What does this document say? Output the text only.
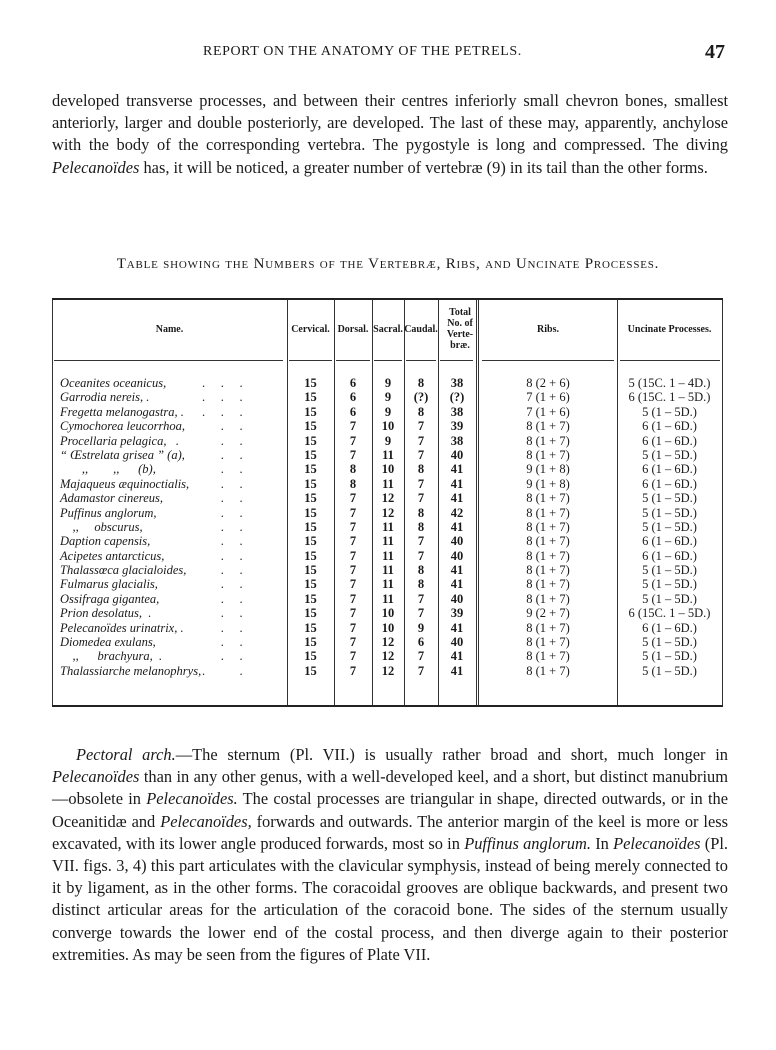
REPORT ON THE ANATOMY OF THE PETRELS.	47

developed transverse processes, and between their centres inferiorly small chevron bones, smallest anteriorly, larger and double posteriorly, are developed. The last of these may, apparently, anchylose with the body of the corresponding vertebra. The pygostyle is long and compressed. The diving Pelecanoïdes has, it will be noticed, a greater number of vertebræ (9) in its tail than the other forms.

Table showing the Numbers of the Vertebræ, Ribs, and Uncinate Processes.
Name.	Cervical. Dorsal. Sacral. Caudal.
Total No. of Verte-bræ.
Ribs.	Uncinate Processes.
Oceanites oceanicus,	.     .     .	15	6	9	8	38	8 (2 + 6)	5 (15C. 1 – 4D.)
Garrodia nereis, .	.     .     .	15	6	9	(?)	(?)	7 (1 + 6)	6 (15C. 1 – 5D.)
Fregetta melanogastra, .	.     .     .	15	6	9	8	38	7 (1 + 6)	5 (1 – 5D.)
Cymochorea leucorrhoa,	.     .	15	7	10	7	39	8 (1 + 7)	6 (1 – 6D.)
Procellaria pelagica,   .	.     .	15	7	9	7	38	8 (1 + 7)	6 (1 – 6D.)
“ Œstrelata grisea ” (a),	.     .	15	7	11	7	40	8 (1 + 7)	5 (1 – 5D.)
,,        ,,      (b),	.     .	15	8	10	8	41	9 (1 + 8)	6 (1 – 6D.)
Majaqueus æquinoctialis,	.     .	15	8	11	7	41	9 (1 + 8)	6 (1 – 6D.)
Adamastor cinereus,	.     .	15	7	12	7	41	8 (1 + 7)	5 (1 – 5D.)
Puffinus anglorum,	.     .	15	7	12	8	42	8 (1 + 7)	5 (1 – 5D.)
,,     obscurus,	.     .	15	7	11	8	41	8 (1 + 7)	5 (1 – 5D.)
Daption capensis,	.     .	15	7	11	7	40	8 (1 + 7)	6 (1 – 6D.)
Acipetes antarcticus,	.     .	15	7	11	7	40	8 (1 + 7)	6 (1 – 6D.)
Thalassœca glacialoides,	.     .	15	7	11	8	41	8 (1 + 7)	5 (1 – 5D.)
Fulmarus glacialis,	.     .	15	7	11	8	41	8 (1 + 7)	5 (1 – 5D.)
Ossifraga gigantea,	.     .	15	7	11	7	40	8 (1 + 7)	5 (1 – 5D.)
Prion desolatus,  .	.     .	15	7	10	7	39	9 (2 + 7)	6 (15C. 1 – 5D.)
Pelecanoïdes urinatrix, .	.     .	15	7	10	9	41	8 (1 + 7)	6 (1 – 6D.)
Diomedea exulans,	.     .	15	7	12	6	40	8 (1 + 7)	5 (1 – 5D.)
,,      brachyura,  .	.     .	15	7	12	7	41	8 (1 + 7)	5 (1 – 5D.)
Thalassiarche melanophrys, .           .	15	7	12	7	41	8 (1 + 7)	5 (1 – 5D.)

Pectoral arch.—The sternum (Pl. VII.) is usually rather broad and short, much longer in Pelecanoïdes than in any other genus, with a well-developed keel, and a short, but distinct manubrium—obsolete in Pelecanoïdes. The costal processes are triangular in shape, directed outwards, or in the Oceanitidæ and Pelecanoïdes, forwards and outwards. The anterior margin of the keel is more or less excavated, with its lower angle produced forwards, most so in Puffinus anglorum. In Pelecanoïdes (Pl. VII. figs. 3, 4) this part articulates with the clavicular symphysis, instead of being merely connected to it by ligament, as in the other forms. The coracoidal grooves are oblique backwards, and present two distinct articular areas for the articulation of the coracoid bone. The sides of the sternum usually converge towards the lower end of the costal process, and then diverge again to their posterior extremities. As may be seen from the figures of Plate VII.
